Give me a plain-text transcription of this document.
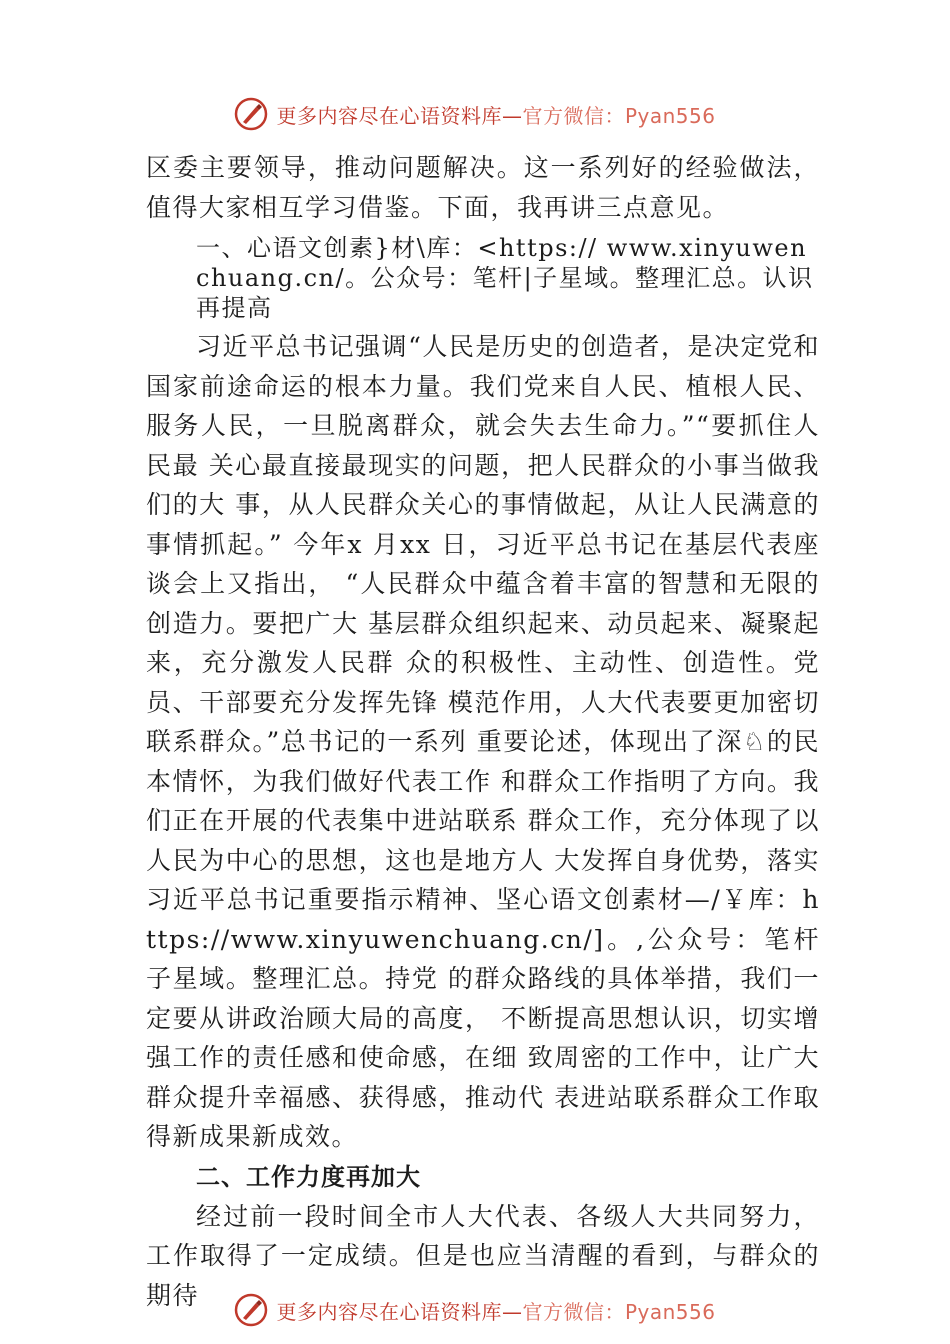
更多内容尽在心语资料库—官方微信：Pyan556

区委主要领导，推动问题解决。这一系列好的经验做法，值得大家相互学习借鉴。下面，我再讲三点意见。

一、心语文创素}材\库：<https:// www.xinyuwenchuang.cn/。公众号：笔杆|子星域。整理汇总。认识再提高

习近平总书记强调“人民是历史的创造者，是决定党和国家前途命运的根本力量。我们党来自人民、植根人民、服务人民，一旦脱离群众，就会失去生命力。”“要抓住人民最 关心最直接最现实的问题，把人民群众的小事当做我们的大 事，从人民群众关心的事情做起，从让人民满意的事情抓起。” 今年x 月xx 日，习近平总书记在基层代表座谈会上又指出， “人民群众中蕴含着丰富的智慧和无限的创造力。要把广大 基层群众组织起来、动员起来、凝聚起来，充分激发人民群 众的积极性、主动性、创造性。党员、干部要充分发挥先锋 模范作用，人大代表要更加密切联系群众。”总书记的一系列 重要论述，体现出了深♘的民本情怀，为我们做好代表工作 和群众工作指明了方向。我们正在开展的代表集中进站联系 群众工作，充分体现了以人民为中心的思想，这也是地方人 大发挥自身优势，落实习近平总书记重要指示精神、坚心语文创素材—/￥库：https://www.xinyuwenchuang.cn/]。,公众号：笔杆子星域。整理汇总。持党 的群众路线的具体举措，我们一定要从讲政治顾大局的高度， 不断提高思想认识，切实增强工作的责任感和使命感，在细 致周密的工作中，让广大群众提升幸福感、获得感，推动代 表进站联系群众工作取得新成果新成效。

二、工作力度再加大

经过前一段时间全市人大代表、各级人大共同努力，工作取得了一定成绩。但是也应当清醒的看到，与群众的期待

更多内容尽在心语资料库—官方微信：Pyan556
